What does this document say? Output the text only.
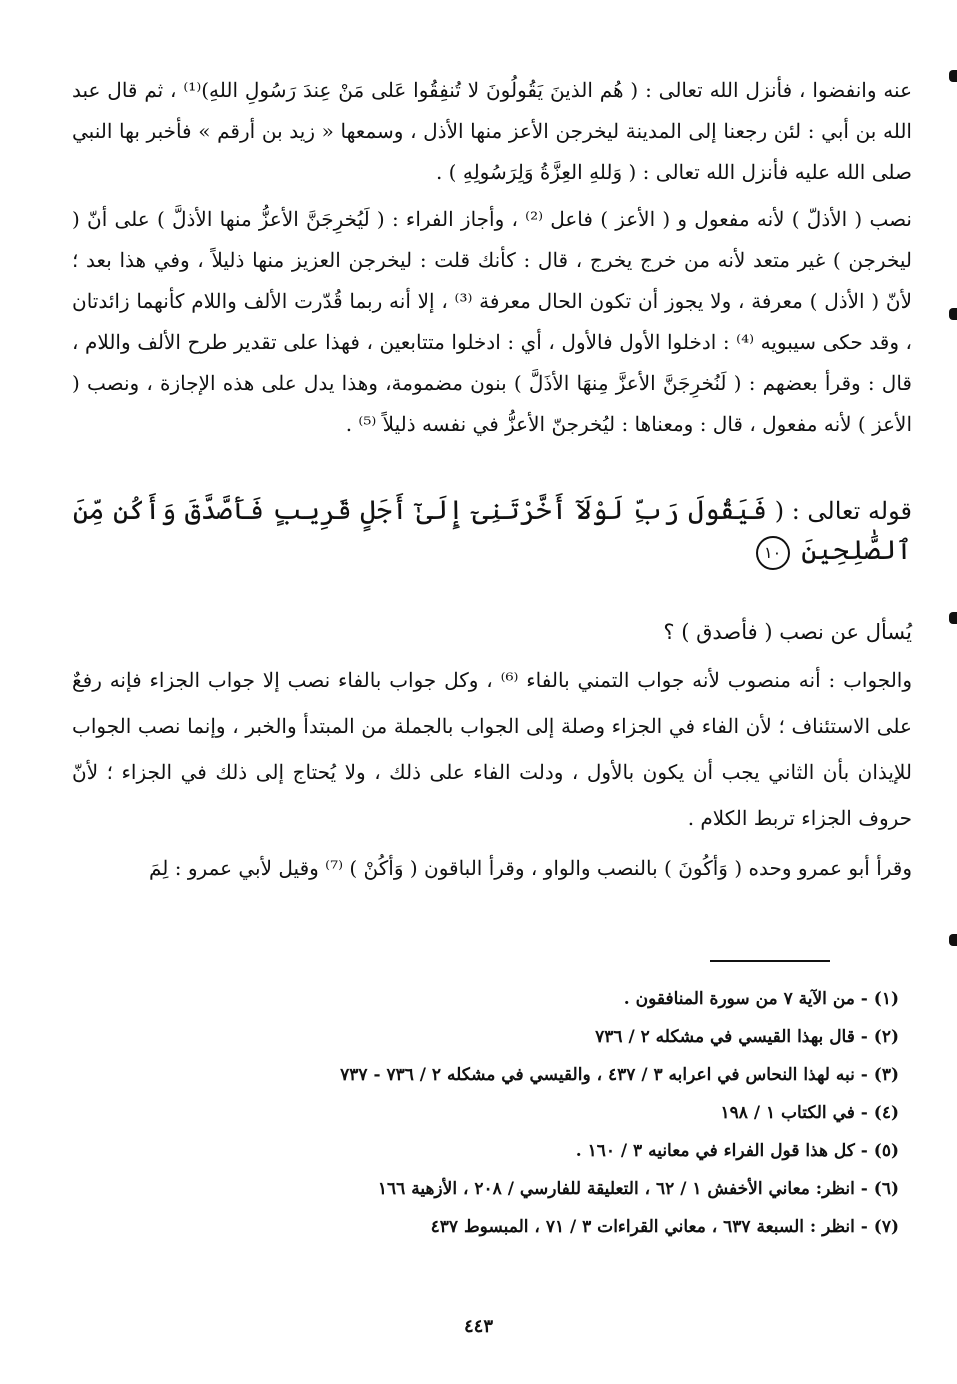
عنه وانفضوا ، فأنزل الله تعالى : ( هُم الذينَ يَقُولُونَ لا تُنفِقُوا عَلى مَنْ عِندَ رَسُولِ اللهِ)⁽¹⁾ ، ثم قال عبد الله بن أبي : لئن رجعنا إلى المدينة ليخرجن الأعز منها الأذل ، وسمعها « زيد بن أرقم » فأخبر بها النبي صلى الله عليه فأنزل الله تعالى : ( وَللهِ العِزَّةُ وَلِرَسُولِهِ ) .

نصب ( الأذلّ ) لأنه مفعول و ( الأعز ) فاعل ⁽²⁾ ، وأجاز الفراء : ( لَيُخرِجَنَّ الأعزُّ منها الأذلَّ ) على أنّ ( ليخرجن ) غير متعد لأنه من خرج يخرج ، قال : كأنك قلت : ليخرجن العزيز منها ذليلاً ، وفي هذا بعد ؛ لأنّ ( الأذل ) معرفة ، ولا يجوز أن تكون الحال معرفة ⁽³⁾ ، إلا أنه ربما قُدّرت الألف واللام كأنهما زائدتان ، وقد حكى سيبويه ⁽⁴⁾ : ادخلوا الأول فالأول ، أي : ادخلوا متتابعين ، فهذا على تقدير طرح الألف واللام ، قال : وقرأ بعضهم : ( لَنُخرِجَنَّ الأعزَّ مِنهَا الأذَلَّ ) بنون مضمومة، وهذا يدل على هذه الإجازة ، ونصب ( الأعز ) لأنه مفعول ، قال : ومعناها : ليُخرجنّ الأعزُّ في نفسه ذليلاً ⁽⁵⁾ .

قوله تعالى : ( فَيَقُولَ رَبِّ لَوْلَآ أَخَّرْتَنِىٓ إِلَىٰٓ أَجَلٍ قَرِيبٍ فَأَصَّدَّقَ وَأَكُن مِّنَ ٱلصَّٰلِحِينَ ١٠

يُسأل عن نصب ( فأصدق ) ؟

والجواب : أنه منصوب لأنه جواب التمني بالفاء ⁽⁶⁾ ، وكل جواب بالفاء نصب إلا جواب الجزاء فإنه رفعٌ على الاستئناف ؛ لأن الفاء في الجزاء وصلة إلى الجواب بالجملة من المبتدأ والخبر ، وإنما نصب الجواب للإيذان بأن الثاني يجب أن يكون بالأول ، ودلت الفاء على ذلك ، ولا يُحتاج إلى ذلك في الجزاء ؛ لأنّ حروف الجزاء تربط الكلام .

وقرأ أبو عمرو وحده ( وَأكُونَ ) بالنصب والواو ، وقرأ الباقون ( وَأكُنْ ) ⁽⁷⁾ وقيل لأبي عمرو : لِمَ

(١) - من الآية ٧ من سورة المنافقون .
(٢) - قال بهذا القيسي في مشكله ٢ / ٧٣٦
(٣) - نبه لهذا النحاس في اعرابه ٣ / ٤٣٧ ، والقيسي في مشكله ٢ / ٧٣٦ - ٧٣٧
(٤) - في الكتاب ١ / ١٩٨
(٥) - كل هذا قول الفراء في معانيه ٣ / ١٦٠ .
(٦) - انظر: معاني الأخفش ١ / ٦٢ ، التعليقة للفارسي / ٢٠٨ ، الأزهية ١٦٦
(٧) - انظر : السبعة ٦٣٧ ، معاني القراءات ٣ / ٧١ ، المبسوط ٤٣٧
٤٤٣
